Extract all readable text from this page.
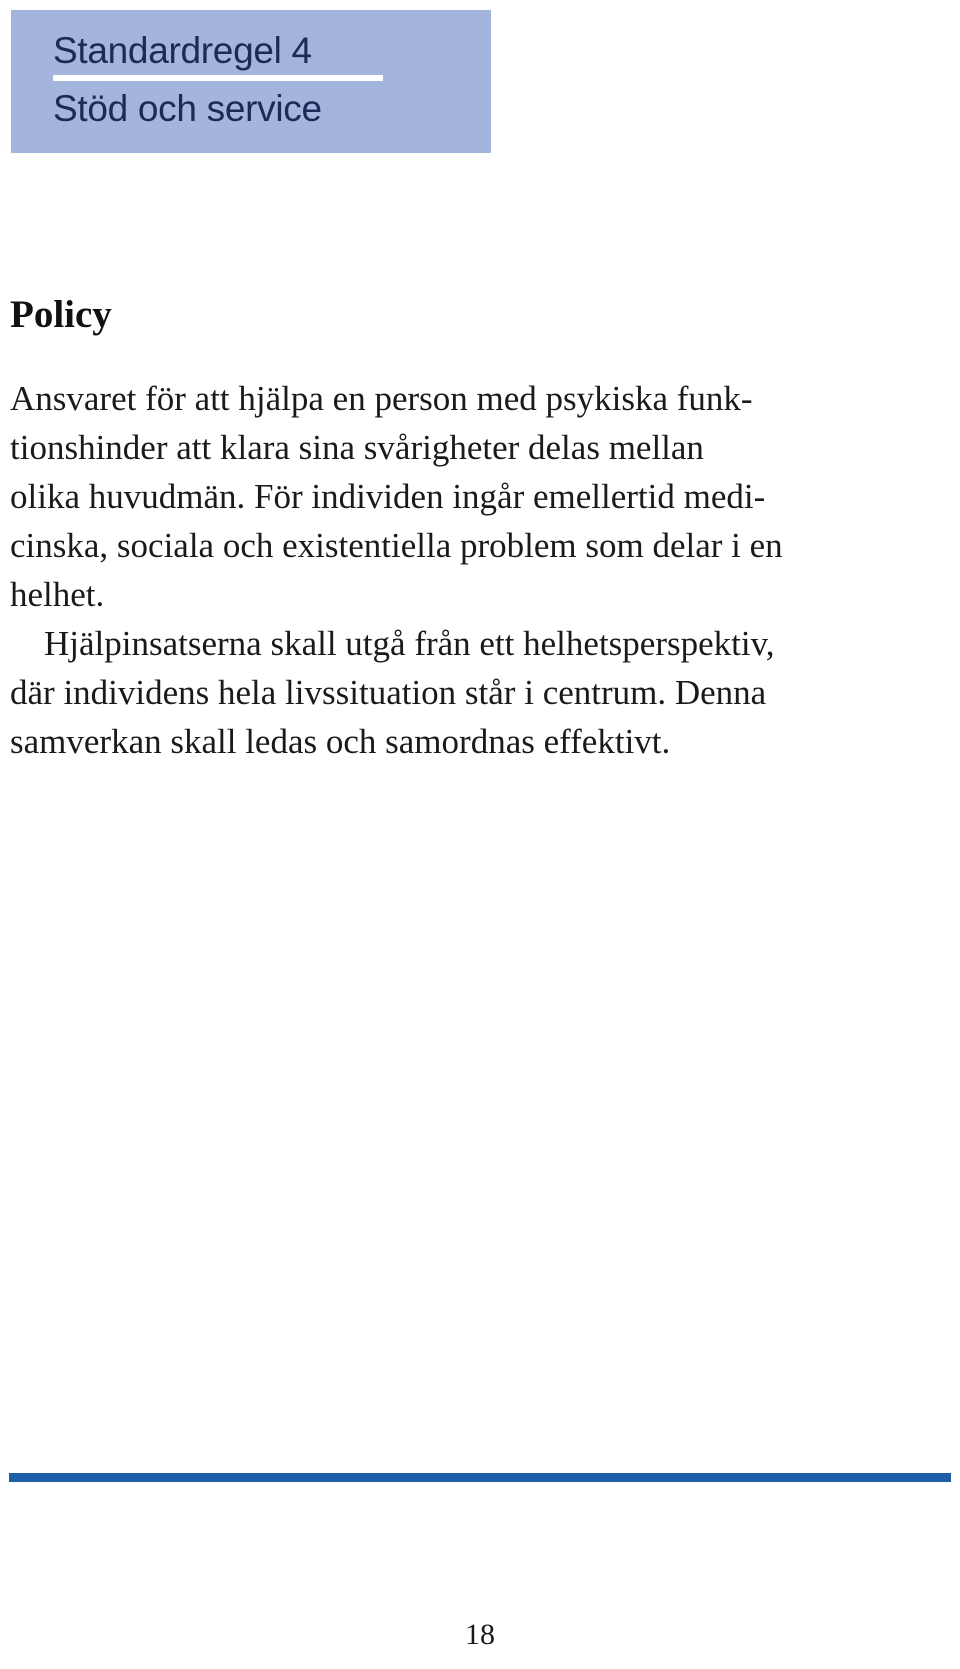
Standardregel 4
Stöd och service
Policy
Ansvaret för att hjälpa en person med psykiska funk-
tionshinder att klara sina svårigheter delas mellan
olika huvudmän. För individen ingår emellertid medi-
cinska, sociala och existentiella problem som delar i en
helhet.
Hjälpinsatserna skall utgå från ett helhetsperspektiv,
där individens hela livssituation står i centrum. Denna
samverkan skall ledas och samordnas effektivt.
18
